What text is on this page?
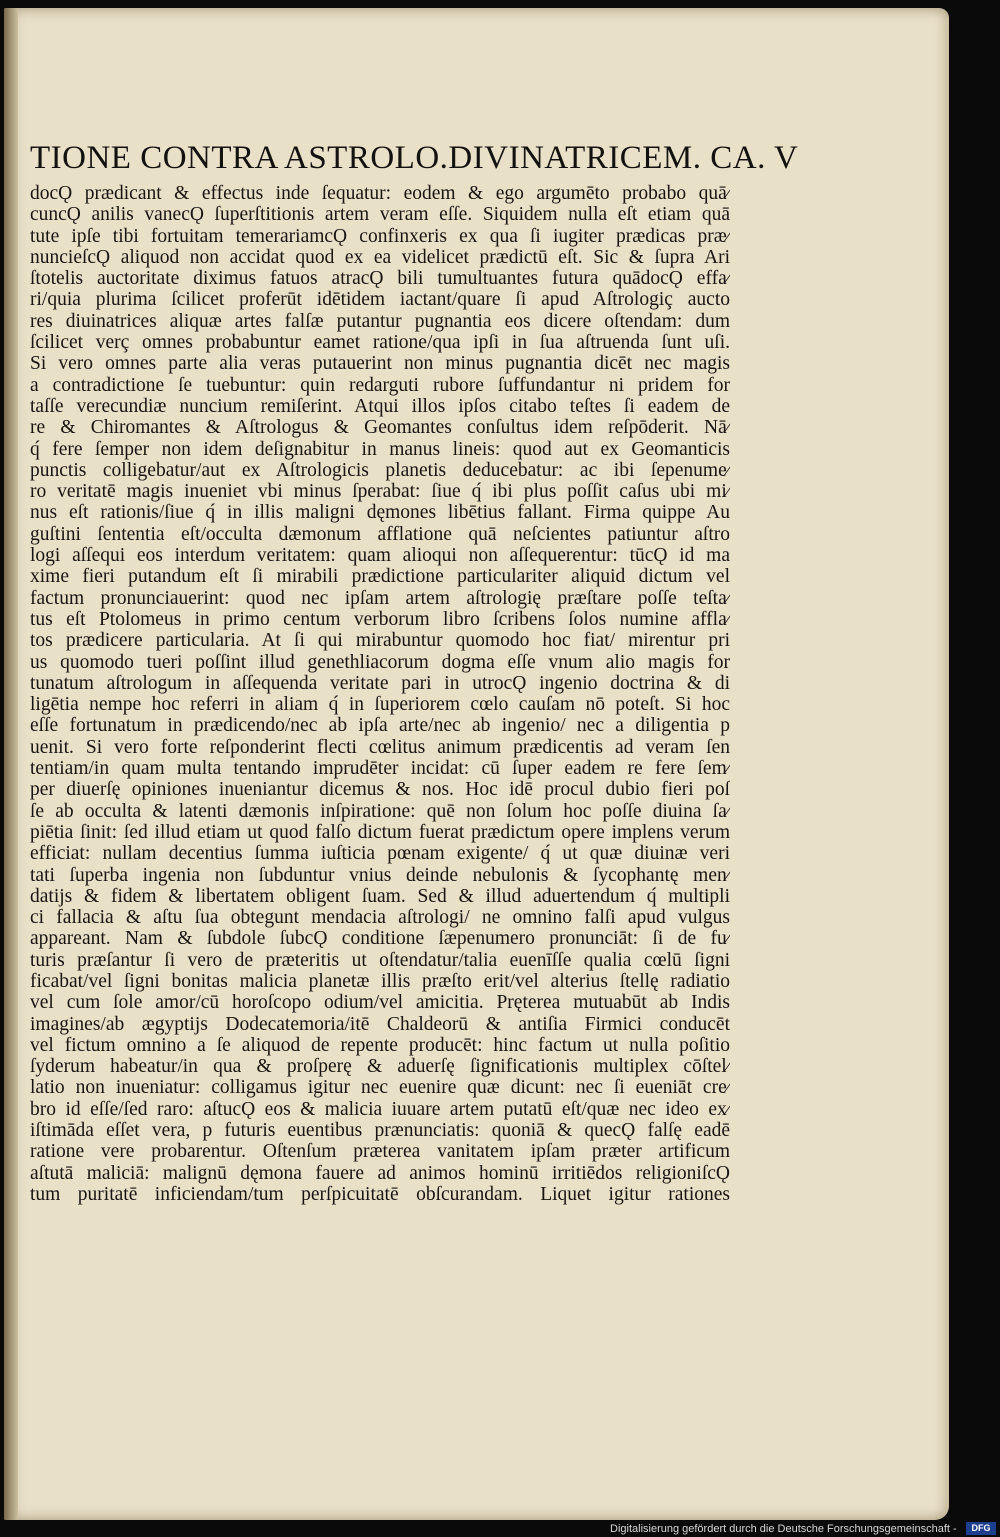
TIONE CONTRA ASTROLO.DIVINATRICEM. CA. V
docǪ prædicant & effectus inde ſequatur: eodem & ego argumēto probabo quā⁄
cuncǪ anilis vanecǪ ſuperſtitionis artem veram eſſe. Siquidem nulla eſt etiam quā
tute ipſe tibi fortuitam temerariamcǪ confinxeris ex qua ſi iugiter prædicas præ⁄
nuncieſcǪ aliquod non accidat quod ex ea videlicet prædictū eſt. Sic & ſupra Ari
ſtotelis auctoritate diximus fatuos atracǪ bili tumultuantes futura quādocǪ effa⁄
ri/quia plurima ſcilicet proferūt idētidem iactant/quare ſi apud Aſtrologiç aucto
res diuinatrices aliquæ artes falſæ putantur pugnantia eos dicere oſtendam: dum
ſcilicet verç omnes probabuntur eamet ratione/qua ipſi in ſua aſtruenda ſunt uſi.
Si vero omnes parte alia veras putauerint non minus pugnantia dicēt nec magis
a contradictione ſe tuebuntur: quin redarguti rubore ſuffundantur ni pridem for
taſſe verecundiæ nuncium remiſerint. Atqui illos ipſos citabo teſtes ſi eadem de
re & Chiromantes & Aſtrologus & Geomantes conſultus idem reſpōderit. Nā⁄
q́ fere ſemper non idem deſignabitur in manus lineis: quod aut ex Geomanticis
punctis colligebatur/aut ex Aſtrologicis planetis deducebatur: ac ibi ſepenume⁄
ro veritatē magis inueniet vbi minus ſperabat: ſiue q́ ibi plus poſſit caſus ubi mi⁄
nus eſt rationis/ſiue q́ in illis maligni dęmones libētius fallant. Firma quippe Au
guſtini ſententia eſt/occulta dæmonum afflatione quā neſcientes patiuntur aſtro
logi aſſequi eos interdum veritatem: quam alioqui non aſſequerentur: tūcǪ id ma
xime fieri putandum eſt ſi mirabili prædictione particulariter aliquid dictum vel
factum pronunciauerint: quod nec ipſam artem aſtrologię præſtare poſſe teſta⁄
tus eſt Ptolomeus in primo centum verborum libro ſcribens ſolos numine affla⁄
tos prædicere particularia. At ſi qui mirabuntur quomodo hoc fiat/ mirentur pri
us quomodo tueri poſſint illud genethliacorum dogma eſſe vnum alio magis for
tunatum aſtrologum in aſſequenda veritate pari in utrocǪ ingenio doctrina & di
ligētia nempe hoc referri in aliam q́ in ſuperiorem cœlo cauſam nō poteſt. Si hoc
eſſe fortunatum in prædicendo/nec ab ipſa arte/nec ab ingenio/ nec a diligentia p
uenit. Si vero forte reſponderint flecti cœlitus animum prædicentis ad veram ſen
tentiam/in quam multa tentando imprudēter incidat: cū ſuper eadem re fere ſem⁄
per diuerſę opiniones inueniantur dicemus & nos. Hoc idē procul dubio fieri poſ
ſe ab occulta & latenti dæmonis inſpiratione: quē non ſolum hoc poſſe diuina ſa⁄
piētia ſinit: ſed illud etiam ut quod falſo dictum fuerat prædictum opere implens verum
efficiat: nullam decentius ſumma iuſticia pœnam exigente/ q́ ut quæ diuinæ veri
tati ſuperba ingenia non ſubduntur vnius deinde nebulonis & ſycophantę men⁄
datijs & fidem & libertatem obligent ſuam. Sed & illud aduertendum q́ multipli
ci fallacia & aſtu ſua obtegunt mendacia aſtrologi/ ne omnino falſi apud vulgus
appareant. Nam & ſubdole ſubcǪ conditione ſæpenumero pronunciāt: ſi de fu⁄
turis præſantur ſi vero de præteritis ut oſtendatur/talia euenīſſe qualia cœlū ſigni
ficabat/vel ſigni bonitas malicia planetæ illis præſto erit/vel alterius ſtellę radiatio
vel cum ſole amor/cū horoſcopo odium/vel amicitia. Pręterea mutuabūt ab Indis
imagines/ab ægyptijs Dodecatemoria/itē Chaldeorū & antiſia Firmici conducēt
vel fictum omnino a ſe aliquod de repente producēt: hinc factum ut nulla poſitio
ſyderum habeatur/in qua & proſperę & aduerſę ſignificationis multiplex cōſtel⁄
latio non inueniatur: colligamus igitur nec euenire quæ dicunt: nec ſi eueniāt cre⁄
bro id eſſe/ſed raro: aſtucǪ eos & malicia iuuare artem putatū eſt/quæ nec ideo ex⁄
iſtimāda eſſet vera, p futuris euentibus prænunciatis: quoniā & quecǪ falſę eadē
ratione vere probarentur. Oſtenſum præterea vanitatem ipſam præter artificum
aſtutā maliciā: malignū dęmona fauere ad animos hominū irritiēdos religioniſcǪ
tum puritatē inficiendam/tum perſpicuitatē obſcurandam. Liquet igitur rationes
Digitalisierung gefördert durch die Deutsche Forschungsgemeinschaft -	DFG
